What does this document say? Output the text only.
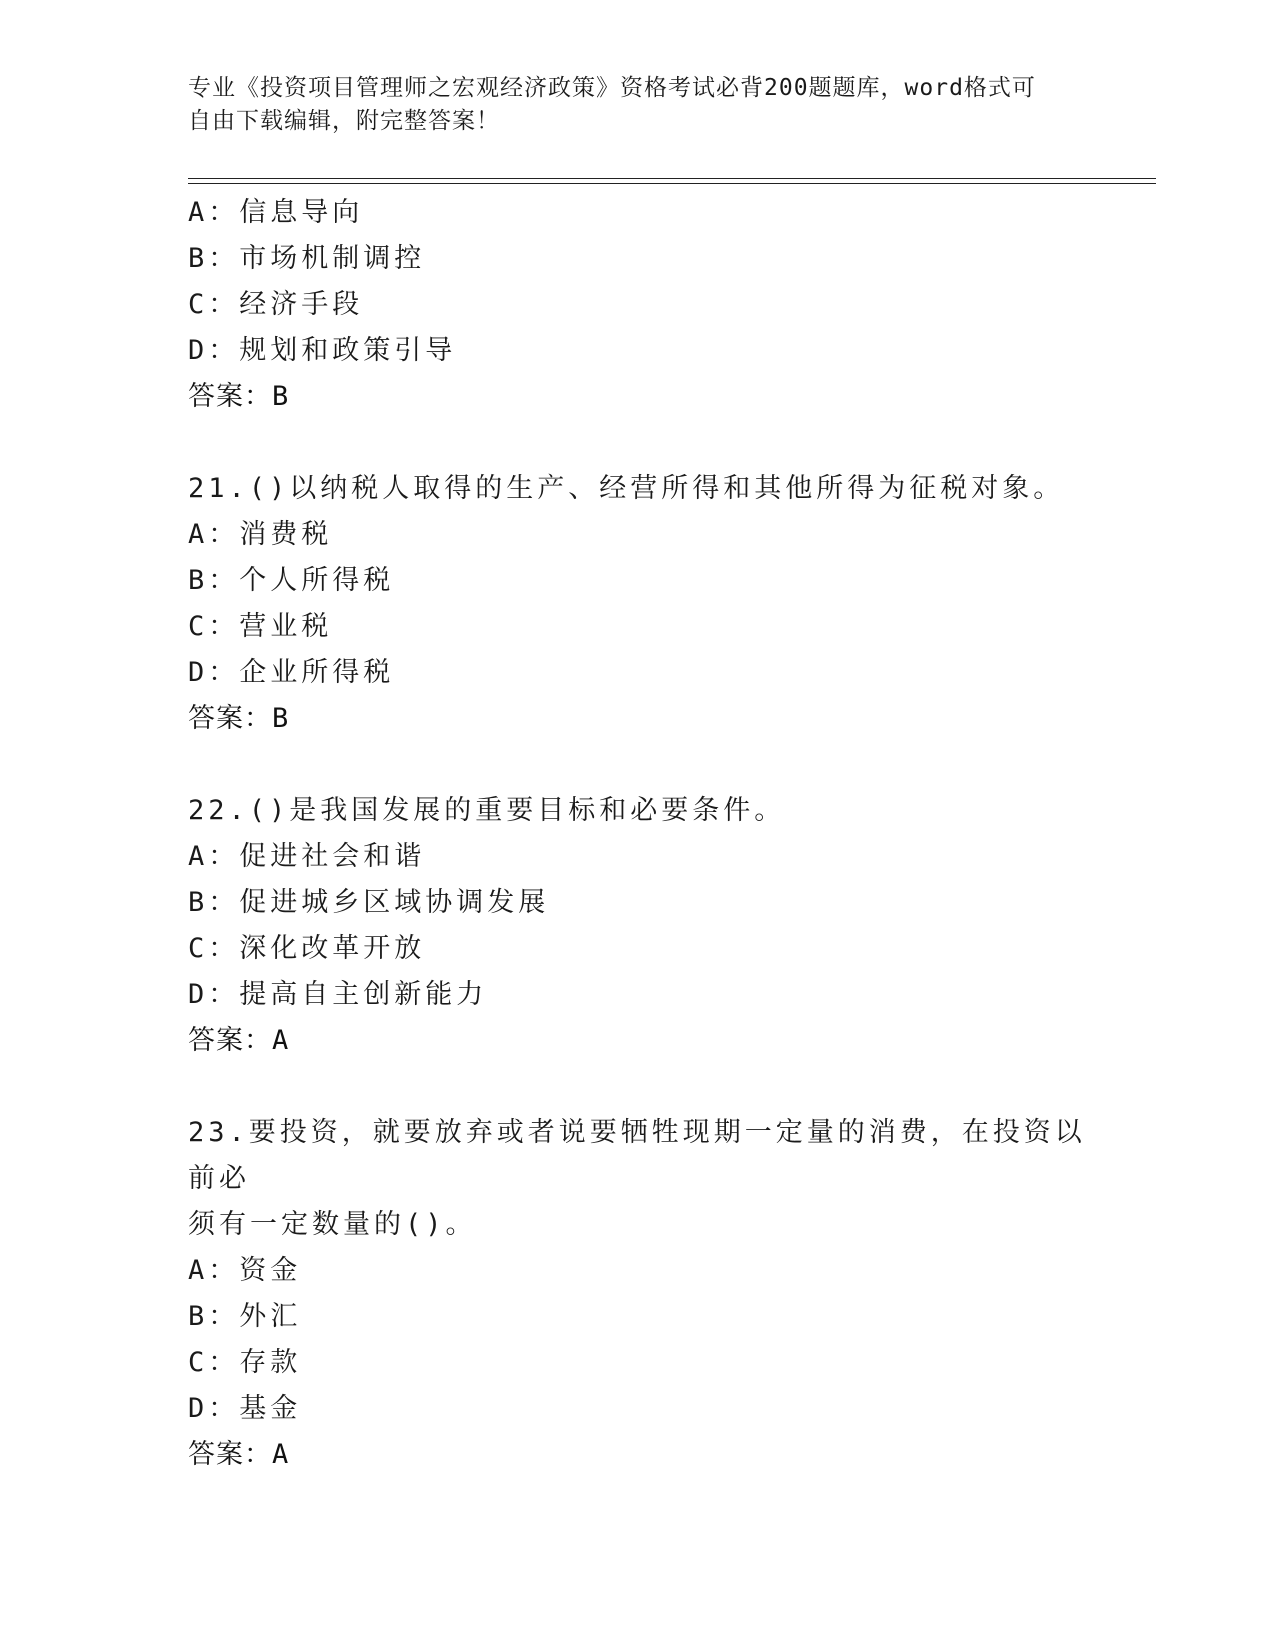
专业《投资项目管理师之宏观经济政策》资格考试必背200题题库，word格式可
自由下载编辑，附完整答案！
A：信息导向
B：市场机制调控
C：经济手段
D：规划和政策引导
答案：B
21.()以纳税人取得的生产、经营所得和其他所得为征税对象。
A：消费税
B：个人所得税
C：营业税
D：企业所得税
答案：B
22.()是我国发展的重要目标和必要条件。
A：促进社会和谐
B：促进城乡区域协调发展
C：深化改革开放
D：提高自主创新能力
答案：A
23.要投资，就要放弃或者说要牺牲现期一定量的消费，在投资以前必
须有一定数量的()。
A：资金
B：外汇
C：存款
D：基金
答案：A
